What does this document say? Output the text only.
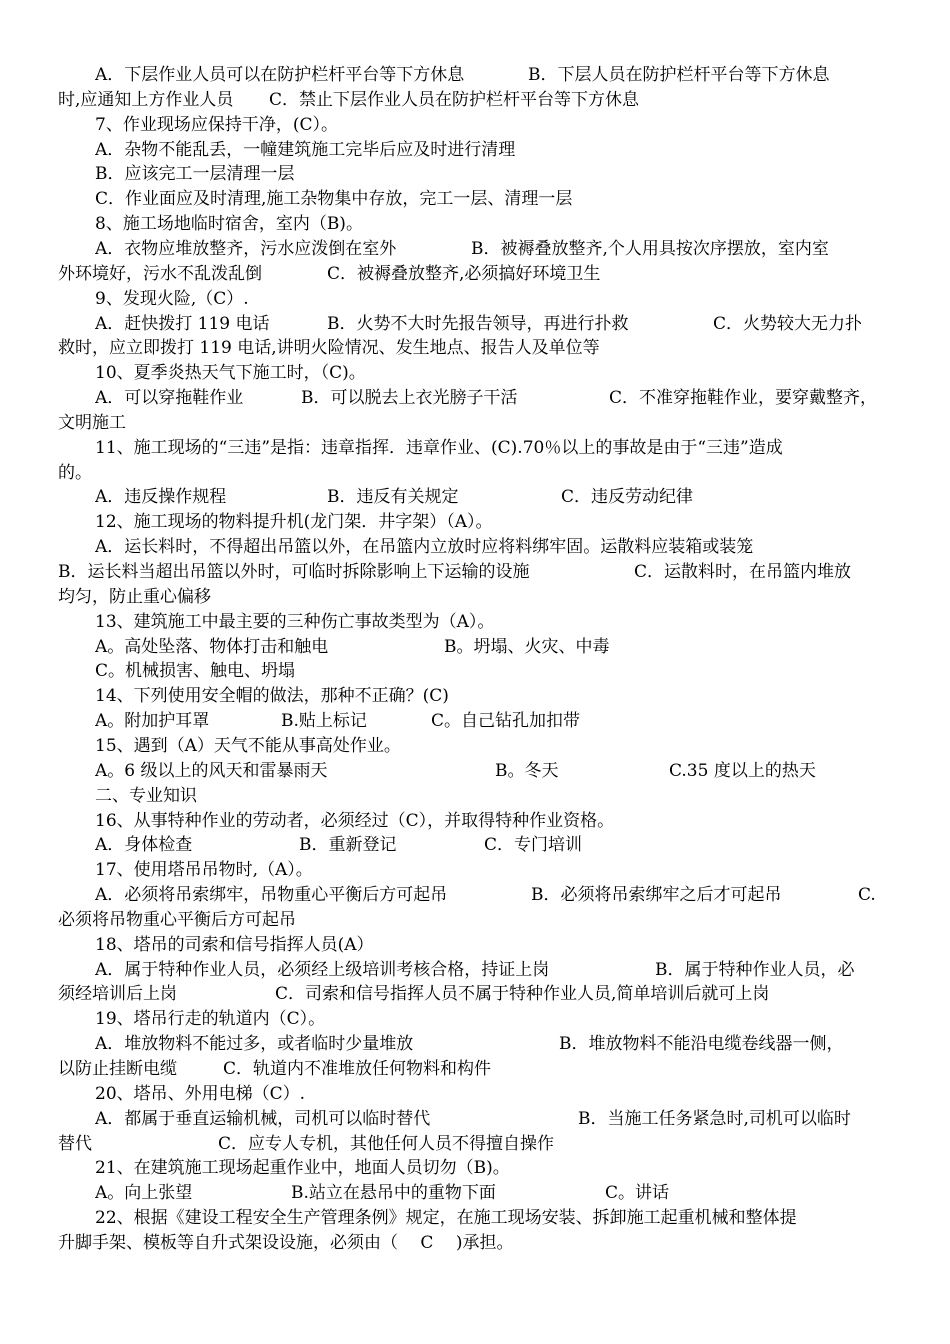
A．下层作业人员可以在防护栏杆平台等下方休息	B．下层人员在防护栏杆平台等下方休息
时,应通知上方作业人员 C．禁止下层作业人员在防护栏杆平台等下方休息
7、作业现场应保持干净，(C）。
A．杂物不能乱丢，一幢建筑施工完毕后应及时进行清理
B．应该完工一层清理一层
C．作业面应及时清理,施工杂物集中存放，完工一层、清理一层
8、施工场地临时宿舍，室内（B)。
A．衣物应堆放整齐，污水应泼倒在室外	B．被褥叠放整齐,个人用具按次序摆放，室内室
外环境好，污水不乱泼乱倒	C．被褥叠放整齐,必须搞好环境卫生
9、发现火险,（C）.
A．赶快拨打 119 电话	B．火势不大时先报告领导，再进行扑救	C．火势较大无力扑
救时，应立即拨打 119 电话,讲明火险情况、发生地点、报告人及单位等
10、夏季炎热天气下施工时，（C)。
A．可以穿拖鞋作业	B．可以脱去上衣光膀子干活	C．不准穿拖鞋作业，要穿戴整齐，
文明施工
11、施工现场的“三违”是指：违章指挥．违章作业、(C).70％以上的事故是由于“三违”造成
的。
A．违反操作规程	B．违反有关规定	C．违反劳动纪律
12、施工现场的物料提升机(龙门架．井字架）（A）。
A．运长料时，不得超出吊篮以外，在吊篮内立放时应将料绑牢固。运散料应装箱或装笼
B．运长料当超出吊篮以外时，可临时拆除影响上下运输的设施	C．运散料时，在吊篮内堆放
均匀，防止重心偏移
13、建筑施工中最主要的三种伤亡事故类型为（A）。
A。高处坠落、物体打击和触电	B。坍塌、火灾、中毒
C。机械损害、触电、坍塌
14、下列使用安全帽的做法，那种不正确？(C)
A。附加护耳罩	B.贴上标记	C。自己钻孔加扣带
15、遇到（A）天气不能从事高处作业。
A。6 级以上的风天和雷暴雨天	B。冬天	C.35 度以上的热天
二、专业知识
16、从事特种作业的劳动者，必须经过（C），并取得特种作业资格。
A．身体检查	B．重新登记	C．专门培训
17、使用塔吊吊物时,（A）。
A．必须将吊索绑牢，吊物重心平衡后方可起吊	B．必须将吊索绑牢之后才可起吊	C.
必须将吊物重心平衡后方可起吊
18、塔吊的司索和信号指挥人员(A）
A．属于特种作业人员，必须经上级培训考核合格，持证上岗	B．属于特种作业人员，必
须经培训后上岗	C．司索和信号指挥人员不属于特种作业人员,简单培训后就可上岗
19、塔吊行走的轨道内（C）。
A．堆放物料不能过多，或者临时少量堆放	B．堆放物料不能沿电缆卷线器一侧，
以防止挂断电缆	C．轨道内不准堆放任何物料和构件
20、塔吊、外用电梯（C）.
A．都属于垂直运输机械，司机可以临时替代	B．当施工任务紧急时,司机可以临时
替代	C．应专人专机，其他任何人员不得擅自操作
21、在建筑施工现场起重作业中，地面人员切勿（B)。
A。向上张望	B.站立在悬吊中的重物下面	C。讲话
22、根据《建设工程安全生产管理条例》规定，在施工现场安装、拆卸施工起重机械和整体提
升脚手架、模板等自升式架设设施，必须由（　 C　 )承担。
